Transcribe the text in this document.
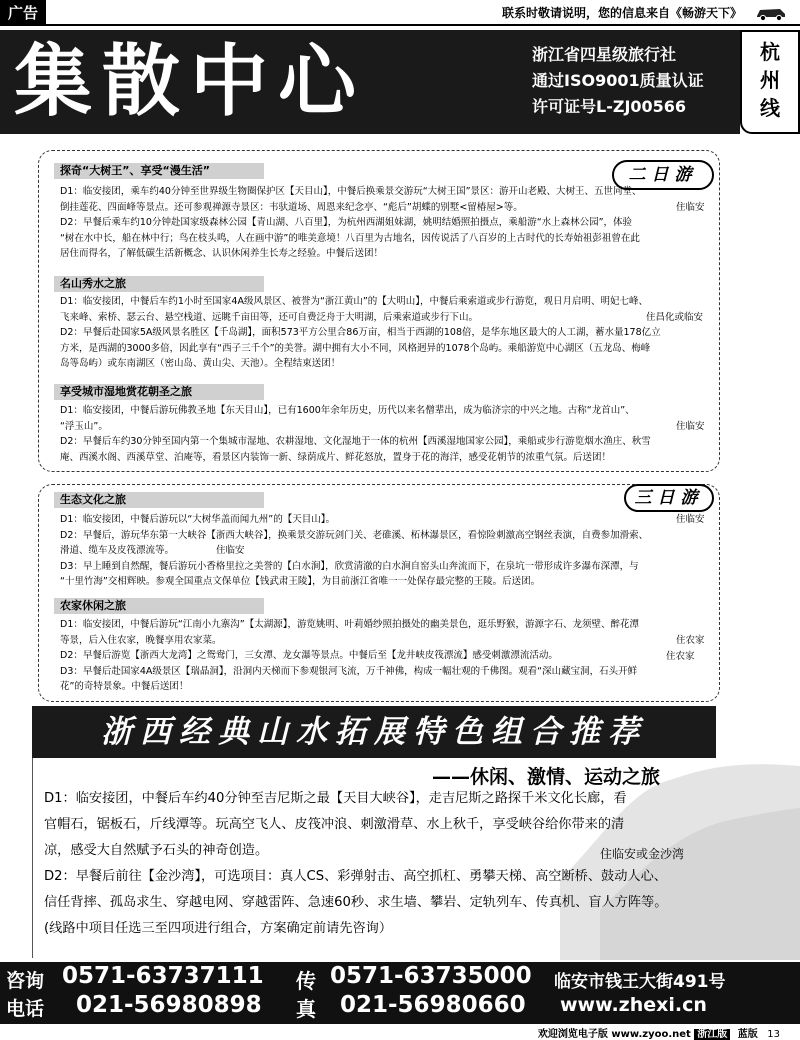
广告	联系时敬请说明，您的信息来自《畅游天下》
集散中心	浙江省四星级旅行社
通过ISO9001质量认证
许可证号L-ZJ00566
杭
州
线
二日游
探奇“大树王”、享受“漫生活”
D1：临安接团，乘车约40分钟至世界级生物圈保护区【天目山】，中餐后换乘景交游玩“大树王国”景区：游开山老殿、大树王、五世同堂、
倒挂莲花、四面峰等景点。还可参观禅源寺景区：韦驮道场、周恩来纪念亭、“彪后”胡蝶的别墅<留椿屋>等。
D2：早餐后乘车约10分钟赴国家级森林公园【青山湖、八百里】，为杭州西湖姐妹湖，姚明结婚照拍摄点，乘船游“水上森林公园”，体验
“树在水中长，船在林中行；鸟在枝头鸣，人在画中游”的唯美意境！八百里为古地名，因传说活了八百岁的上古时代的长寿始祖彭祖曾在此
居住而得名，了解低碳生活新概念、认识休闲养生长寿之经验。中餐后送团！
住临安
名山秀水之旅
D1：临安接团，中餐后车约1小时至国家4A级风景区、被誉为“浙江黄山”的【大明山】，中餐后乘索道或步行游览，观日月启明、明妃七峰、
飞来峰、索桥、瑟云台、悬空栈道、远眺千亩田等，还可自费泛舟于大明湖，后乘索道或步行下山。
D2：早餐后赴国家5A级风景名胜区【千岛湖】，面积573平方公里合86万亩，相当于西湖的108倍，是华东地区最大的人工湖，蓄水量178亿立
方米，是西湖的3000多倍，因此享有“西子三千个”的美誉。湖中拥有大小不同，风格迥异的1078个岛屿。乘船游览中心湖区（五龙岛、梅峰
岛等岛屿）或东南湖区（密山岛、黄山尖、天池）。全程结束送团！
住昌化或临安
享受城市湿地赏花朝圣之旅
D1：临安接团，中餐后游玩佛教圣地【东天目山】，已有1600年余年历史，历代以来名僧辈出，成为临济宗的中兴之地。古称“龙首山”、
“浮玉山”。
D2：早餐后车约30分钟至国内第一个集城市湿地、农耕湿地、文化湿地于一体的杭州【西溪湿地国家公园】，乘船或步行游览烟水渔庄、秋雪
庵、西溪水阁、西溪草堂、泊庵等，看景区内装饰一新、绿荫成片、鲜花怒放，置身于花的海洋，感受花朝节的浓重气氛。后送团！
住临安
三日游
生态文化之旅
D1：临安接团，中餐后游玩以“大树华盖而闻九州”的【天目山】。
D2：早餐后，游玩华东第一大峡谷【浙西大峡谷】，换乘景交游玩剑门关、老碓溪、柘林瀑景区，看惊险刺激高空钢丝表演，自费参加滑索、
滑道、缆车及皮筏漂流等。
D3：早上睡到自然醒，餐后游玩小香格里拉之美誉的【白水涧】，欣赏清澈的白水涧自窑头山奔流而下，在泉坑一带形成许多瀑布深潭，与
“十里竹海”交相辉映。参观全国重点文保单位【钱武肃王陵】，为目前浙江省唯一一处保存最完整的王陵。后送团。
住临安
住临安
农家休闲之旅
D1：临安接团，中餐后游玩“江南小九寨沟”【太湖源】，游览姚明、叶莉婚纱照拍摄处的幽美景色，逛乐野猴，游源字石、龙须壁、醉花潭
等景，后入住农家，晚餐享用农家菜。
D2：早餐后游览【浙西大龙湾】之鸳鸯门，三女潭、龙女瀑等景点。中餐后至【龙井峡皮筏漂流】感受刺激漂流活动。
D3：早餐后赴国家4A级景区【瑞晶洞】，沿洞内天梯而下参观银河飞流，万千神佛，构成一幅壮观的千佛图。观看“深山藏宝洞，石头开鲜
花”的奇特景象。中餐后送团！
住农家
住农家
浙西经典山水拓展特色组合推荐
——休闲、激情、运动之旅
D1：临安接团，中餐后车约40分钟至吉尼斯之最【天目大峡谷】，走吉尼斯之路探千米文化长廊，看
官帽石，锯板石，斤线潭等。玩高空飞人、皮筏冲浪、刺激滑草、水上秋千，享受峡谷给你带来的清
凉，感受大自然赋予石头的神奇创造。
D2：早餐后前往【金沙湾】，可选项目：真人CS、彩弹射击、高空抓杠、勇攀天梯、高空断桥、鼓动人心、
信任背摔、孤岛求生、穿越电网、穿越雷阵、急速60秒、求生墙、攀岩、定轨列车、传真机、盲人方阵等。
(线路中项目任选三至四项进行组合，方案确定前请先咨询）
住临安或金沙湾
咨询
电话
0571-63737111
021-56980898
传
真
0571-63735000
021-56980660
临安市钱王大街491号
www.zhexi.cn
欢迎浏览电子版 www.zyoo.net 浙江版 蓝版 13
